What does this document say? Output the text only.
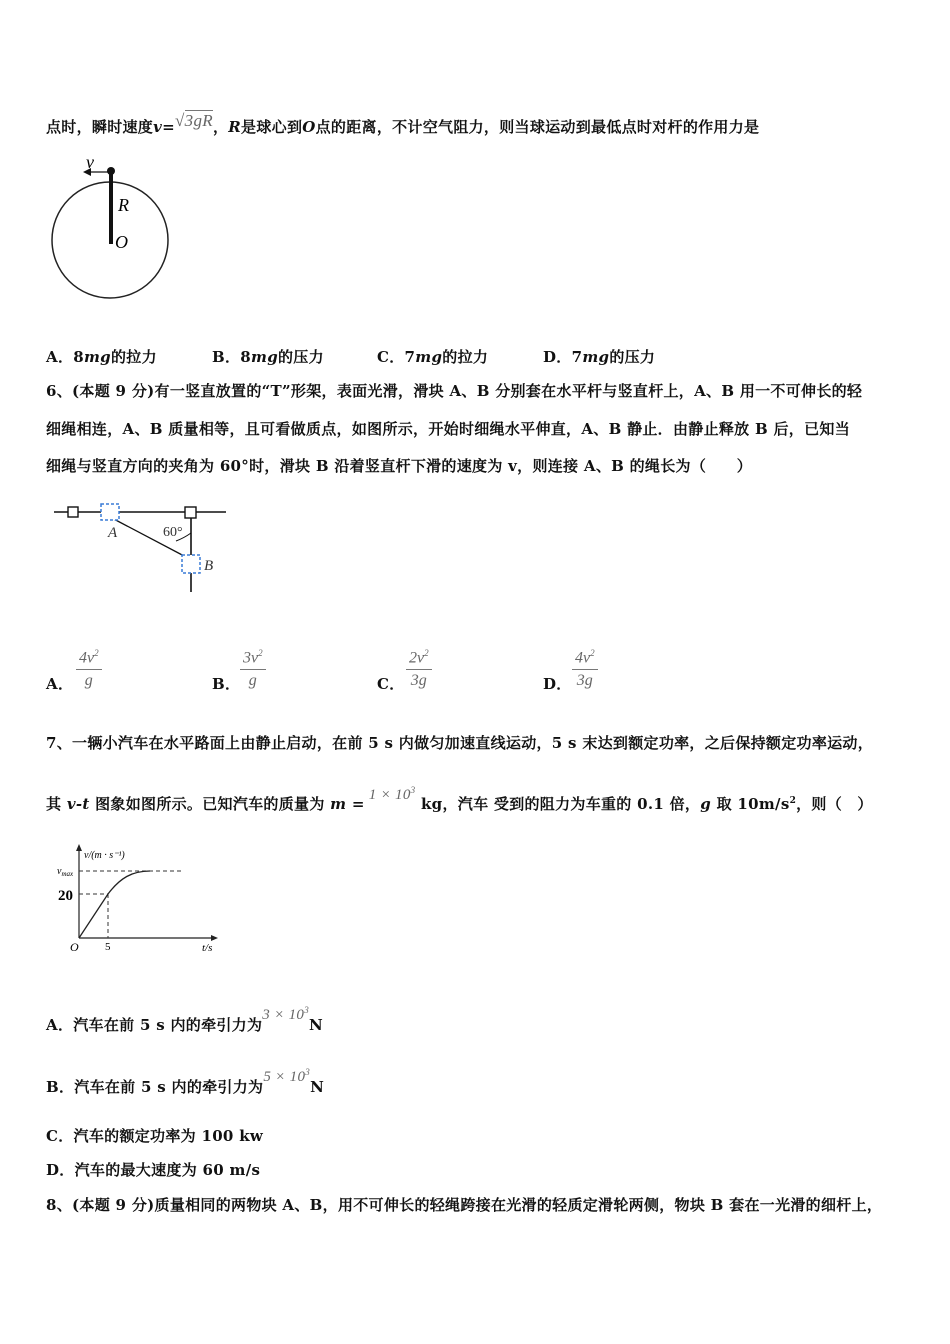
点时，瞬时速度v=√3gR，R是球心到O点的距离，不计空气阻力，则当球运动到最低点时对杆的作用力是
v
R
O
A．8mg的拉力	B．8mg的压力	C．7mg的拉力	D．7mg的压力
6、(本题 9 分)有一竖直放置的“T”形架，表面光滑，滑块 A、B 分别套在水平杆与竖直杆上，A、B 用一不可伸长的轻
细绳相连，A、B 质量相等，且可看做质点，如图所示，开始时细绳水平伸直，A、B 静止．由静止释放 B 后，已知当
细绳与竖直方向的夹角为 60°时，滑块 B 沿着竖直杆下滑的速度为 v，则连接 A、B 的绳长为（　　）
A
B
60°
A． $\frac{4v^2}{g}$	B． $\frac{3v^2}{g}$	C． $\frac{2v^2}{3g}$	D． $\frac{4v^2}{3g}$
7、一辆小汽车在水平路面上由静止启动，在前 5 s 内做匀加速直线运动，5 s 末达到额定功率，之后保持额定功率运动，
其 v-t 图象如图所示。已知汽车的质量为 $m = 1 \times 10^3$ kg，汽车 受到的阻力为车重的 0.1 倍，g 取 $10m/s^2$，则（　）
v/(m · s⁻¹)
$v_{max}$
20
O 5	t/s
A．汽车在前 5 s 内的牵引力为$3 \times 10^3N$
B．汽车在前 5 s 内的牵引力为$5 \times 10^3N$
C．汽车的额定功率为 100 kw
D．汽车的最大速度为 60 m/s
8、(本题 9 分)质量相同的两物块 A、B，用不可伸长的轻绳跨接在光滑的轻质定滑轮两侧，物块 B 套在一光滑的细杆上，
